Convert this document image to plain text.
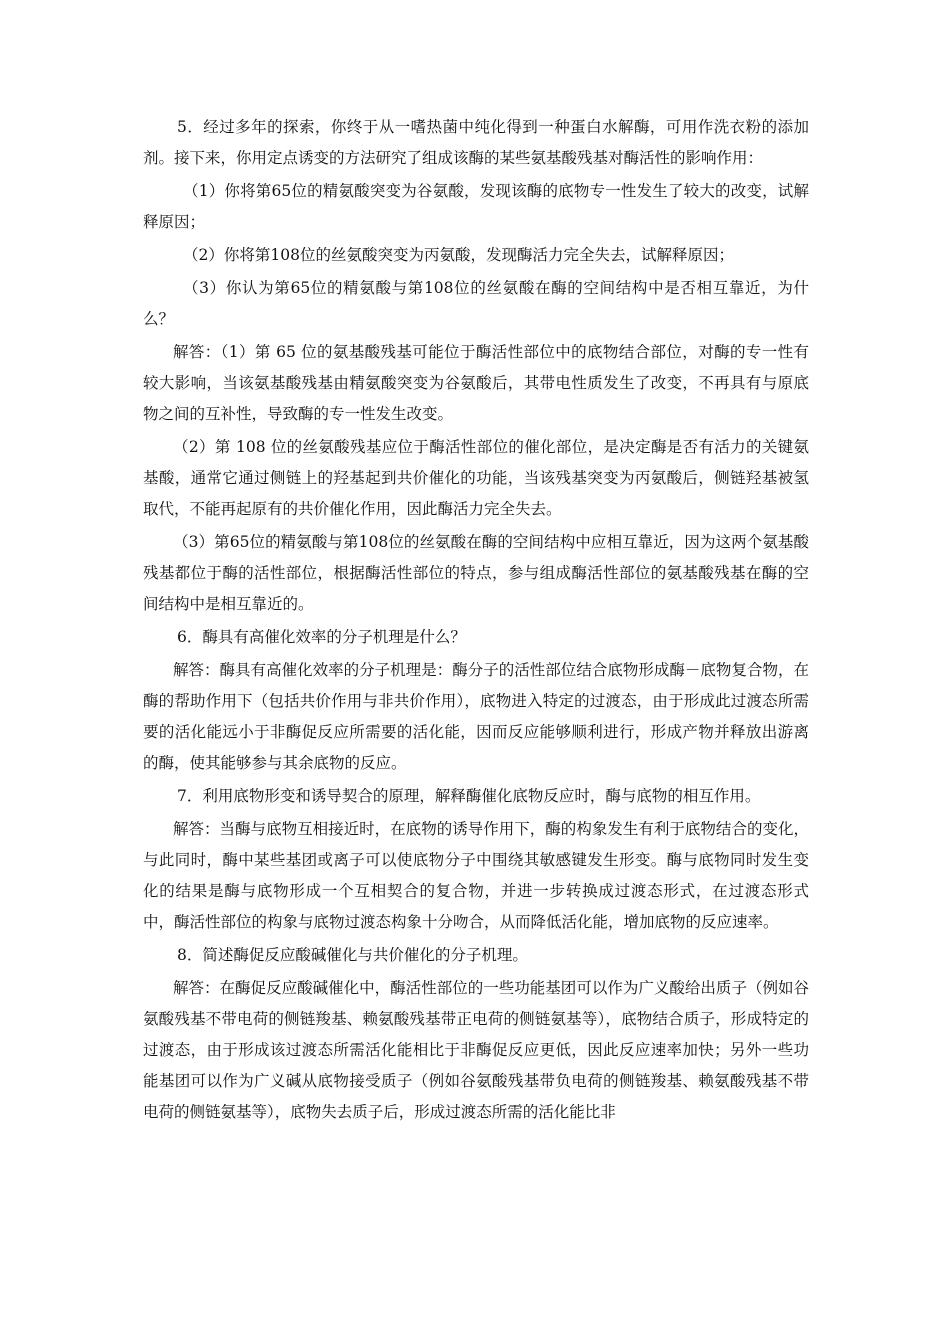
5．经过多年的探索，你终于从一嗜热菌中纯化得到一种蛋白水解酶，可用作洗衣粉的添加剂。接下来，你用定点诱变的方法研究了组成该酶的某些氨基酸残基对酶活性的影响作用：

（1）你将第65位的精氨酸突变为谷氨酸，发现该酶的底物专一性发生了较大的改变，试解释原因；

（2）你将第108位的丝氨酸突变为丙氨酸，发现酶活力完全失去，试解释原因；

（3）你认为第65位的精氨酸与第108位的丝氨酸在酶的空间结构中是否相互靠近，为什么？

解答：（1）第 65 位的氨基酸残基可能位于酶活性部位中的底物结合部位，对酶的专一性有较大影响，当该氨基酸残基由精氨酸突变为谷氨酸后，其带电性质发生了改变，不再具有与原底物之间的互补性，导致酶的专一性发生改变。

（2）第 108 位的丝氨酸残基应位于酶活性部位的催化部位，是决定酶是否有活力的关键氨基酸，通常它通过侧链上的羟基起到共价催化的功能，当该残基突变为丙氨酸后，侧链羟基被氢取代，不能再起原有的共价催化作用，因此酶活力完全失去。

（3）第65位的精氨酸与第108位的丝氨酸在酶的空间结构中应相互靠近，因为这两个氨基酸残基都位于酶的活性部位，根据酶活性部位的特点，参与组成酶活性部位的氨基酸残基在酶的空间结构中是相互靠近的。

6．酶具有高催化效率的分子机理是什么？

解答：酶具有高催化效率的分子机理是：酶分子的活性部位结合底物形成酶－底物复合物，在酶的帮助作用下（包括共价作用与非共价作用），底物进入特定的过渡态，由于形成此过渡态所需要的活化能远小于非酶促反应所需要的活化能，因而反应能够顺利进行，形成产物并释放出游离的酶，使其能够参与其余底物的反应。

7．利用底物形变和诱导契合的原理，解释酶催化底物反应时，酶与底物的相互作用。

解答：当酶与底物互相接近时，在底物的诱导作用下，酶的构象发生有利于底物结合的变化，与此同时，酶中某些基团或离子可以使底物分子中围绕其敏感键发生形变。酶与底物同时发生变化的结果是酶与底物形成一个互相契合的复合物，并进一步转换成过渡态形式，在过渡态形式中，酶活性部位的构象与底物过渡态构象十分吻合，从而降低活化能，增加底物的反应速率。

8．简述酶促反应酸碱催化与共价催化的分子机理。

解答：在酶促反应酸碱催化中，酶活性部位的一些功能基团可以作为广义酸给出质子（例如谷氨酸残基不带电荷的侧链羧基、赖氨酸残基带正电荷的侧链氨基等），底物结合质子，形成特定的过渡态，由于形成该过渡态所需活化能相比于非酶促反应更低，因此反应速率加快；另外一些功能基团可以作为广义碱从底物接受质子（例如谷氨酸残基带负电荷的侧链羧基、赖氨酸残基不带电荷的侧链氨基等），底物失去质子后，形成过渡态所需的活化能比非
